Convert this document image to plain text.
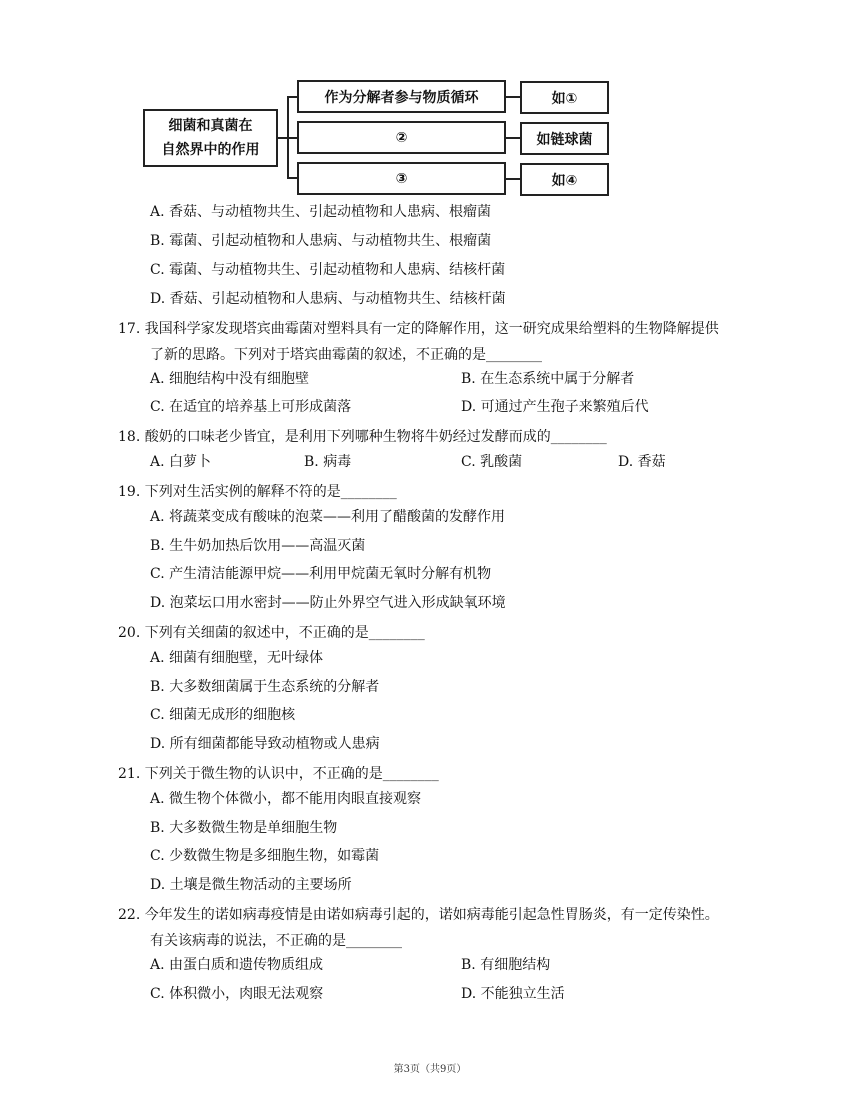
细菌和真菌在
自然界中的作用
作为分解者参与物质循环	如①
②	如链球菌
③	如④
A. 香菇、与动植物共生、引起动植物和人患病、根瘤菌
B. 霉菌、引起动植物和人患病、与动植物共生、根瘤菌
C. 霉菌、与动植物共生、引起动植物和人患病、结核杆菌
D. 香菇、引起动植物和人患病、与动植物共生、结核杆菌
17. 我国科学家发现塔宾曲霉菌对塑料具有一定的降解作用，这一研究成果给塑料的生物降解提供
了新的思路。下列对于塔宾曲霉菌的叙述，不正确的是________
A. 细胞结构中没有细胞壁	B. 在生态系统中属于分解者
C. 在适宜的培养基上可形成菌落	D. 可通过产生孢子来繁殖后代
18. 酸奶的口味老少皆宜，是利用下列哪种生物将牛奶经过发酵而成的________
A. 白萝卜	B. 病毒	C. 乳酸菌	D. 香菇
19. 下列对生活实例的解释不符的是________
A. 将蔬菜变成有酸味的泡菜——利用了醋酸菌的发酵作用
B. 生牛奶加热后饮用——高温灭菌
C. 产生清洁能源甲烷——利用甲烷菌无氧时分解有机物
D. 泡菜坛口用水密封——防止外界空气进入形成缺氧环境
20. 下列有关细菌的叙述中，不正确的是________
A. 细菌有细胞壁，无叶绿体
B. 大多数细菌属于生态系统的分解者
C. 细菌无成形的细胞核
D. 所有细菌都能导致动植物或人患病
21. 下列关于微生物的认识中，不正确的是________
A. 微生物个体微小，都不能用肉眼直接观察
B. 大多数微生物是单细胞生物
C. 少数微生物是多细胞生物，如霉菌
D. 土壤是微生物活动的主要场所
22. 今年发生的诺如病毒疫情是由诺如病毒引起的，诺如病毒能引起急性胃肠炎，有一定传染性。
有关该病毒的说法，不正确的是________
A. 由蛋白质和遗传物质组成	B. 有细胞结构
C. 体积微小，肉眼无法观察	D. 不能独立生活
第3页（共9页）
